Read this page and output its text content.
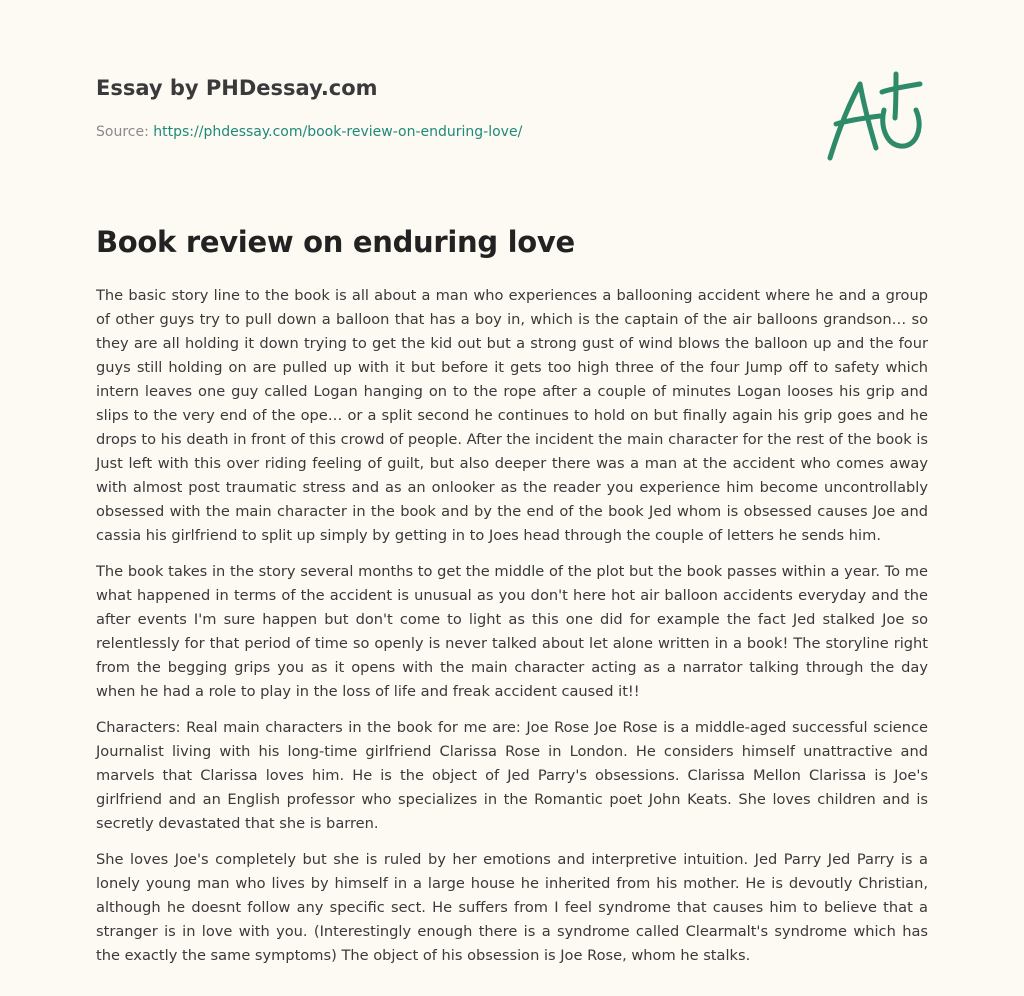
Essay by PHDessay.com
Source: https://phdessay.com/book-review-on-enduring-love/
Book review on enduring love

The basic story line to the book is all about a man who experiences a ballooning accident where he and a group of other guys try to pull down a balloon that has a boy in, which is the captain of the air balloons grandson… so they are all holding it down trying to get the kid out but a strong gust of wind blows the balloon up and the four guys still holding on are pulled up with it but before it gets too high three of the four Jump off to safety which intern leaves one guy called Logan hanging on to the rope after a couple of minutes Logan looses his grip and slips to the very end of the ope… or a split second he continues to hold on but finally again his grip goes and he drops to his death in front of this crowd of people. After the incident the main character for the rest of the book is Just left with this over riding feeling of guilt, but also deeper there was a man at the accident who comes away with almost post traumatic stress and as an onlooker as the reader you experience him become uncontrollably obsessed with the main character in the book and by the end of the book Jed whom is obsessed causes Joe and cassia his girlfriend to split up simply by getting in to Joes head through the couple of letters he sends him.

The book takes in the story several months to get the middle of the plot but the book passes within a year. To me what happened in terms of the accident is unusual as you don't here hot air balloon accidents everyday and the after events I'm sure happen but don't come to light as this one did for example the fact Jed stalked Joe so relentlessly for that period of time so openly is never talked about let alone written in a book! The storyline right from the begging grips you as it opens with the main character acting as a narrator talking through the day when he had a role to play in the loss of life and freak accident caused it!!

Characters: Real main characters in the book for me are: Joe Rose Joe Rose is a middle-aged successful science Journalist living with his long-time girlfriend Clarissa Rose in London. He considers himself unattractive and marvels that Clarissa loves him. He is the object of Jed Parry's obsessions. Clarissa Mellon Clarissa is Joe's girlfriend and an English professor who specializes in the Romantic poet John Keats. She loves children and is secretly devastated that she is barren.

She loves Joe's completely but she is ruled by her emotions and interpretive intuition. Jed Parry Jed Parry is a lonely young man who lives by himself in a large house he inherited from his mother. He is devoutly Christian, although he doesnt follow any specific sect. He suffers from I feel syndrome that causes him to believe that a stranger is in love with you. (Interestingly enough there is a syndrome called Clearmalt's syndrome which has the exactly the same symptoms) The object of his obsession is Joe Rose, whom he stalks.
